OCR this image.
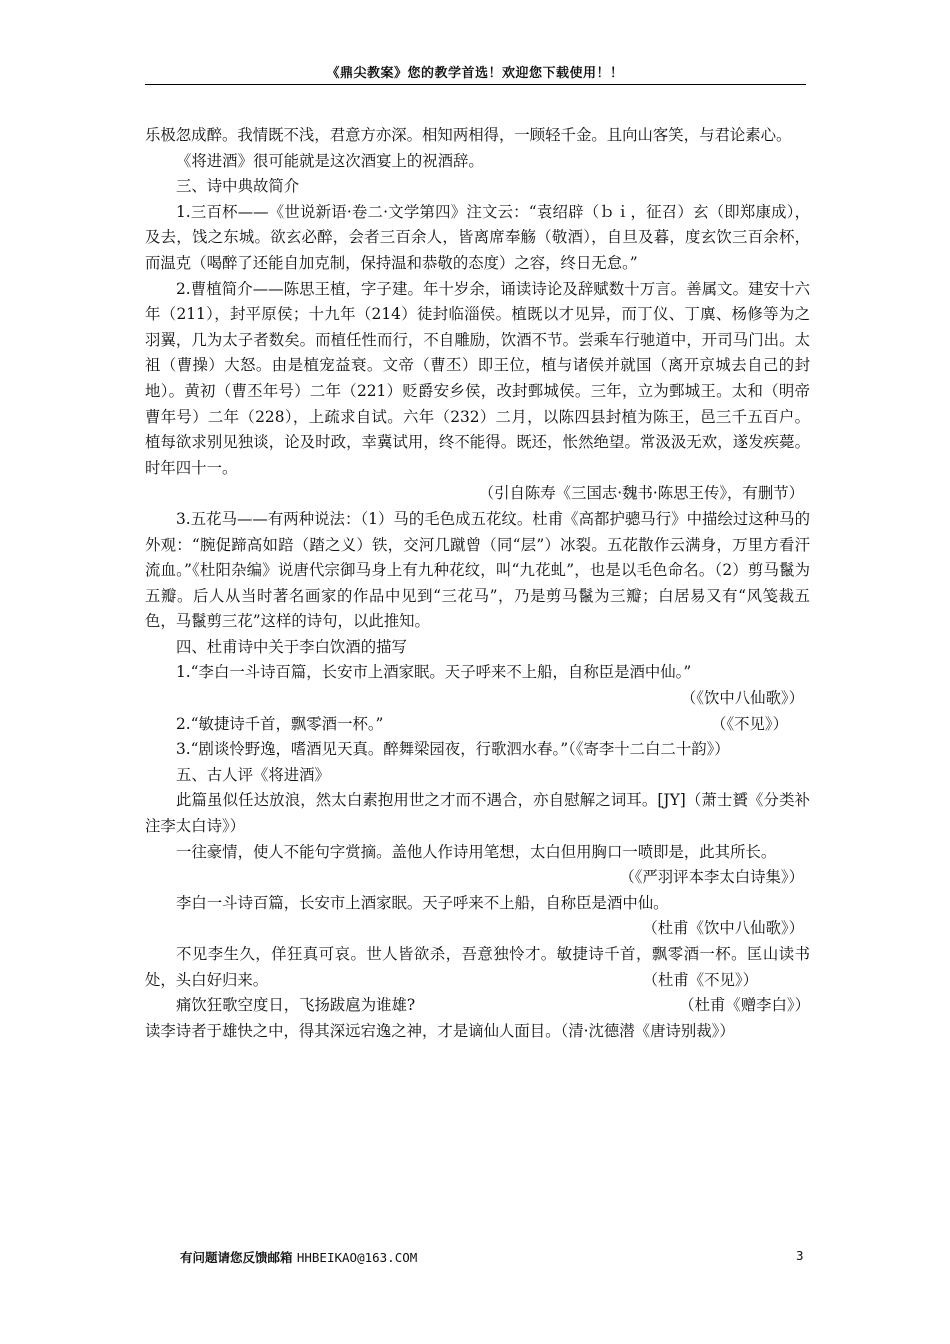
《鼎尖教案》您的教学首选！欢迎您下载使用！！

乐极忽成醉。我情既不浅，君意方亦深。相知两相得，一顾轻千金。且向山客笑，与君论素心。

《将进酒》很可能就是这次酒宴上的祝酒辞。

三、诗中典故简介

1.三百杯——《世说新语·卷二·文学第四》注文云：“袁绍辟（ｂｉ，征召）玄（即郑康成），及去，饯之东城。欲玄必醉，会者三百余人，皆离席奉觞（敬酒），自旦及暮，度玄饮三百余杯，而温克（喝醉了还能自加克制，保持温和恭敬的态度）之容，终日无怠。”

2.曹植简介——陈思王植，字子建。年十岁余，诵读诗论及辞赋数十万言。善属文。建安十六年（211），封平原侯；十九年（214）徒封临淄侯。植既以才见异，而丁仪、丁廙、杨修等为之羽翼，几为太子者数矣。而植任性而行，不自雕励，饮酒不节。尝乘车行驰道中，开司马门出。太祖（曹操）大怒。由是植宠益衰。文帝（曹丕）即王位，植与诸侯并就国（离开京城去自己的封地）。黄初（曹丕年号）二年（221）贬爵安乡侯，改封鄄城侯。三年，立为鄄城王。太和（明帝曹年号）二年（228），上疏求自试。六年（232）二月，以陈四县封植为陈王，邑三千五百户。植每欲求别见独谈，论及时政，幸冀试用，终不能得。既还，怅然绝望。常汲汲无欢，遂发疾薨。时年四十一。

（引自陈寿《三国志·魏书·陈思王传》，有删节）

3.五花马——有两种说法：（1）马的毛色成五花纹。杜甫《高都护骢马行》中描绘过这种马的外观：“腕促蹄高如踣（踏之义）铁，交河几蹴曾（同“层”）冰裂。五花散作云满身，万里方看汗流血。”《杜阳杂编》说唐代宗御马身上有九种花纹，叫“九花虬”，也是以毛色命名。（2）剪马鬣为五瓣。后人从当时著名画家的作品中见到“三花马”，乃是剪马鬣为三瓣；白居易又有“风笺裁五色，马鬣剪三花”这样的诗句，以此推知。

四、杜甫诗中关于李白饮酒的描写

1.“李白一斗诗百篇，长安市上酒家眠。天子呼来不上船，自称臣是酒中仙。”

（《饮中八仙歌》）

2.“敏捷诗千首，飘零酒一杯。”	（《不见》）

3.“剧谈怜野逸，嗜酒见天真。醉舞梁园夜，行歌泗水春。”（《寄李十二白二十韵》）

五、古人评《将进酒》

此篇虽似任达放浪，然太白素抱用世之才而不遇合，亦自慰解之词耳。[JY]（萧士贇《分类补注李太白诗》）

一往豪情，使人不能句字赏摘。盖他人作诗用笔想，太白但用胸口一喷即是，此其所长。

（《严羽评本李太白诗集》）

李白一斗诗百篇，长安市上酒家眠。天子呼来不上船，自称臣是酒中仙。

（杜甫《饮中八仙歌》）

不见李生久，佯狂真可哀。世人皆欲杀，吾意独怜才。敏捷诗千首，飘零酒一杯。匡山读书处，头白好归来。	（杜甫《不见》）

痛饮狂歌空度日，飞扬跋扈为谁雄?	（杜甫《赠李白》）

读李诗者于雄快之中，得其深远宕逸之神，才是谪仙人面目。（清·沈德潜《唐诗别裁》）

有问题请您反馈邮箱 HHBEIKAO@163.COM	3
